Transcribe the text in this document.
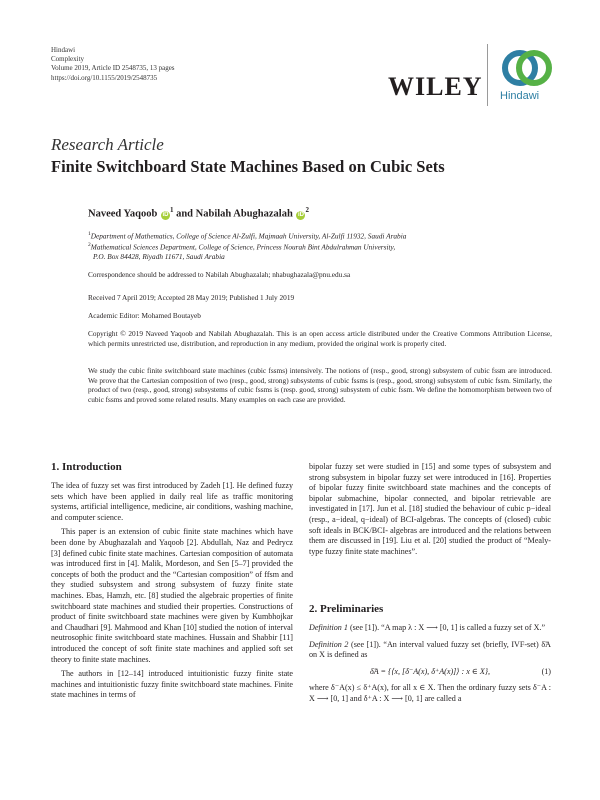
Hindawi
Complexity
Volume 2019, Article ID 2548735, 13 pages
https://doi.org/10.1155/2019/2548735	WILEY Hindawi
Research Article
Finite Switchboard State Machines Based on Cubic Sets
Naveed Yaqoob $iD^1$ and Nabilah Abughazalah $iD^2$
$^1$Department of Mathematics, College of Science Al-Zulfi, Majmaah University, Al-Zulfi 11932, Saudi Arabia
$^2$Mathematical Sciences Department, College of Science, Princess Nourah Bint Abdulrahman University,
P.O. Box 84428, Riyadh 11671, Saudi Arabia
Correspondence should be addressed to Nabilah Abughazalah; nhabughazala@pnu.edu.sa
Received 7 April 2019; Accepted 28 May 2019; Published 1 July 2019
Academic Editor: Mohamed Boutayeb
Copyright © 2019 Naveed Yaqoob and Nabilah Abughazalah. This is an open access article distributed under the Creative Commons Attribution License, which permits unrestricted use, distribution, and reproduction in any medium, provided the original work is properly cited.
We study the cubic finite switchboard state machines (cubic fssms) intensively. The notions of (resp., good, strong) subsystem of cubic fssm are introduced. We prove that the Cartesian composition of two (resp., good, strong) subsystems of cubic fssms is (resp., good, strong) subsystem of cubic fssm. Similarly, the product of two (resp., good, strong) subsystems of cubic fssms is (resp. good, strong) subsystem of cubic fssm. We define the homomorphism between two of cubic fssms and proved some related results. Many examples on each case are provided.
1. Introduction

The idea of fuzzy set was first introduced by Zadeh [1]. He defined fuzzy sets which have been applied in daily real life as traffic monitoring systems, artificial intelligence, medicine, air conditions, washing machine, and computer science.

This paper is an extension of cubic finite state machines which have been done by Abughazalah and Yaqoob [2]. Abdullah, Naz and Pedrycz [3] defined cubic finite state machines. Cartesian composition of automata was introduced first in [4]. Malik, Mordeson, and Sen [5–7] provided the concepts of both the product and the “Cartesian composition” of ffsm and they studied subsystem and strong subsystem of fuzzy finite state machines. Ebas, Hamzh, etc. [8] studied the algebraic properties of finite switchboard state machines and studied their properties. Constructions of product of finite switchboard state machines were given by Kumbhojkar and Chaudhari [9]. Mahmood and Khan [10] studied the notion of interval neutrosophic finite switchboard state machines. Hussain and Shabbir [11] introduced the concept of soft finite state machines and applied soft set theory to finite state machines.

The authors in [12–14] introduced intuitionistic fuzzy finite state machines and intuitionistic fuzzy finite switchboard state machines. Finite state machines in terms of

bipolar fuzzy set were studied in [15] and some types of subsystem and strong subsystem in bipolar fuzzy set were introduced in [16]. Properties of bipolar fuzzy finite switchboard state machines and the concepts of bipolar submachine, bipolar connected, and bipolar retrievable are investigated in [17]. Jun et al. [18] studied the behaviour of cubic p−ideal (resp., a−ideal, q−ideal) of BCI-algebras. The concepts of (closed) cubic soft ideals in BCK/BCI- algebras are introduced and the relations between them are discussed in [19]. Liu et al. [20] studied the product of “Mealy- type fuzzy finite state machines”.

2. Preliminaries

Definition 1 (see [1]). “A map λ : X ⟶ [0, 1] is called a fuzzy set of X.”

Definition 2 (see [1]). “An interval valued fuzzy set (briefly, IVF-set) δ̃A on X is defined as

δ̃A = {⟨x, [δ⁻A(x), δ⁺A(x)]⟩ : x ∈ X},	(1)

where δ⁻A(x) ≤ δ⁺A(x), for all x ∈ X. Then the ordinary fuzzy sets δ⁻A : X ⟶ [0, 1] and δ⁺A : X ⟶ [0, 1] are called a
